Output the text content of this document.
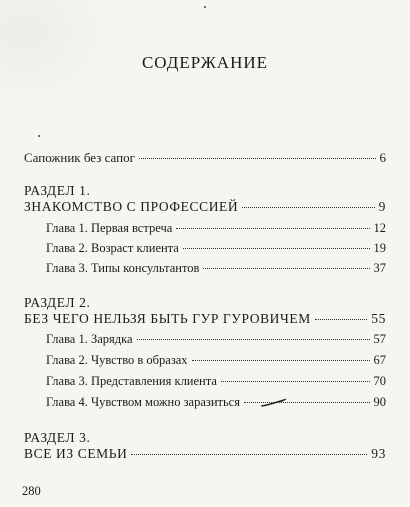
СОДЕРЖАНИЕ
Сапожник без сапог	6
РАЗДЕЛ 1.
ЗНАКОМСТВО С ПРОФЕССИЕЙ	9
Глава 1. Первая встреча	12
Глава 2. Возраст клиента	19
Глава 3. Типы консультантов	37
РАЗДЕЛ 2.
БЕЗ ЧЕГО НЕЛЬЗЯ БЫТЬ ГУР ГУРОВИЧЕМ	55
Глава 1. Зарядка	57
Глава 2. Чувство в образах	67
Глава 3. Представления клиента	70
Глава 4. Чувством можно заразиться	90
РАЗДЕЛ 3.
ВСЕ ИЗ СЕМЬИ	93
280
